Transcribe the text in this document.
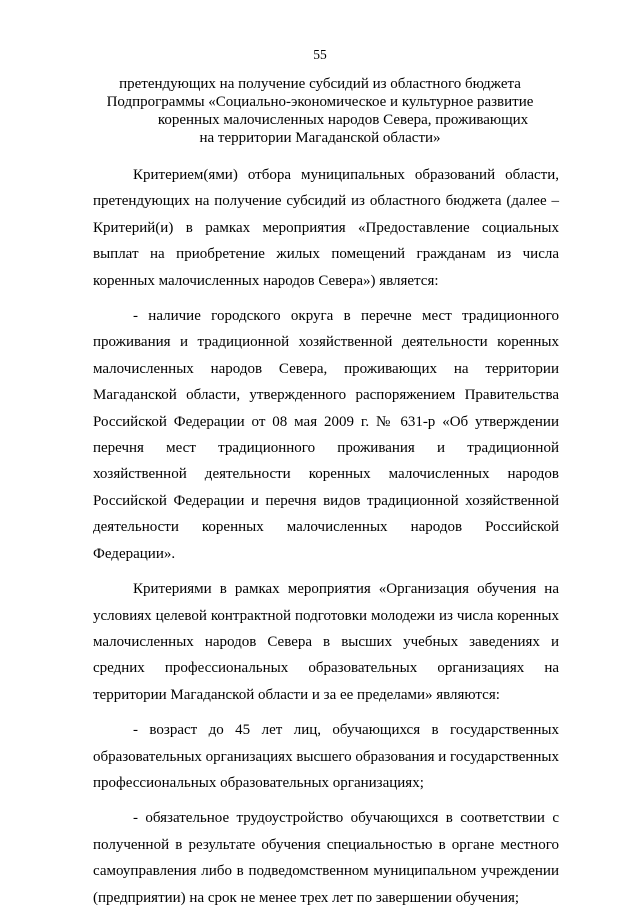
55
претендующих на получение субсидий из областного бюджета
Подпрограммы «Социально-экономическое и культурное развитие
коренных малочисленных народов Севера, проживающих
на территории Магаданской области»

Критерием(ями) отбора муниципальных образований области, претендующих на получение субсидий из областного бюджета (далее – Критерий(и) в рамках мероприятия «Предоставление социальных выплат на приобретение жилых помещений гражданам из числа коренных малочисленных народов Севера») является:

- наличие городского округа в перечне мест традиционного проживания и традиционной хозяйственной деятельности коренных малочисленных народов Севера, проживающих на территории Магаданской области, утвержденного распоряжением Правительства Российской Федерации от 08 мая 2009 г. № 631-р «Об утверждении перечня мест традиционного проживания и традиционной хозяйственной деятельности коренных малочисленных народов Российской Федерации и перечня видов традиционной хозяйственной деятельности коренных малочисленных народов Российской Федерации».

Критериями в рамках мероприятия «Организация обучения на условиях целевой контрактной подготовки молодежи из числа коренных малочисленных народов Севера в высших учебных заведениях и средних профессиональных образовательных организациях на территории Магаданской области и за ее пределами» являются:

- возраст до 45 лет лиц, обучающихся в государственных образовательных организациях высшего образования и государственных профессиональных образовательных организациях;

- обязательное трудоустройство обучающихся в соответствии с полученной в результате обучения специальностью в органе местного самоуправления либо в подведомственном муниципальном учреждении (предприятии) на срок не менее трех лет по завершении обучения;
